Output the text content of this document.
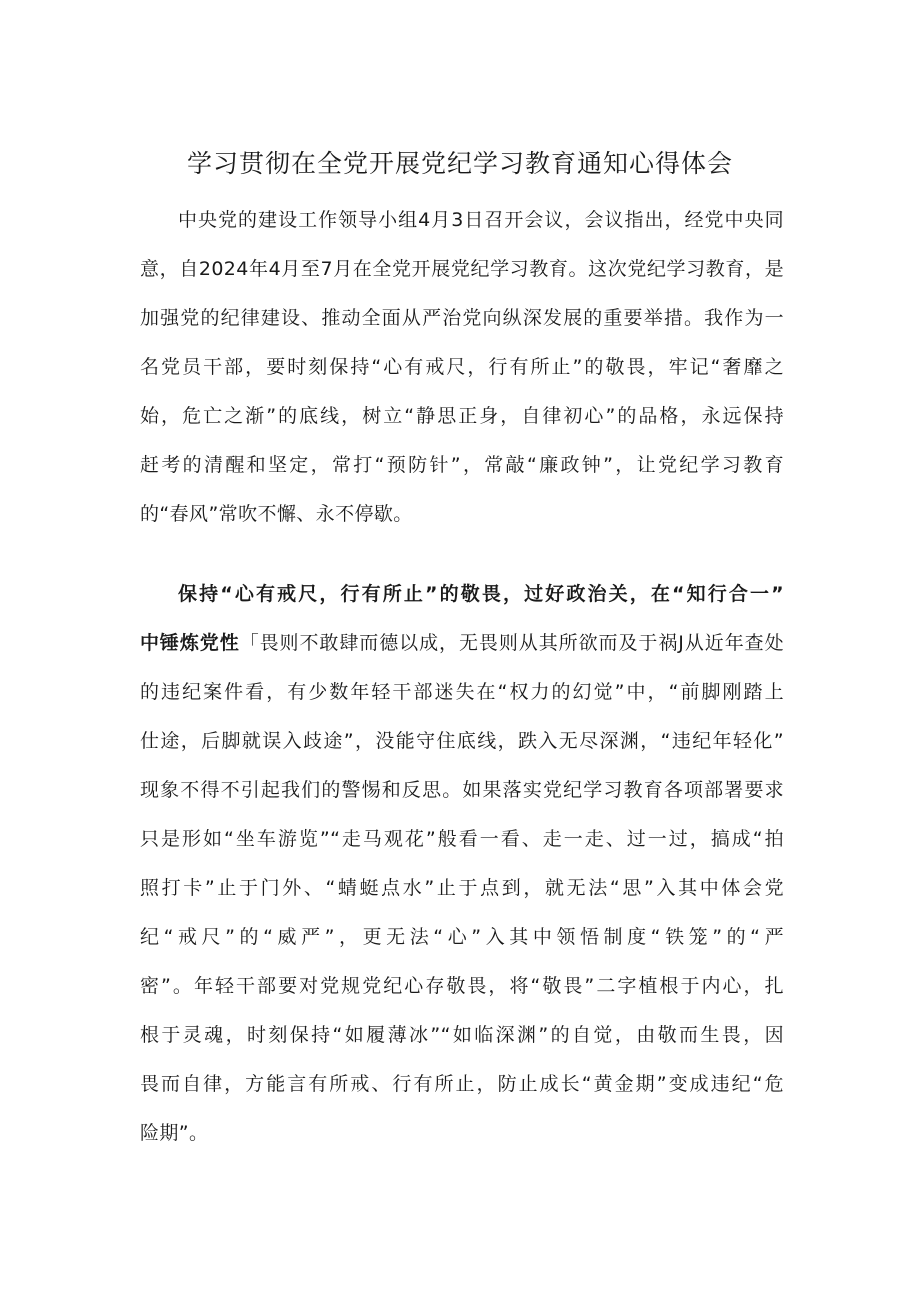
学习贯彻在全党开展党纪学习教育通知心得体会
中央党的建设工作领导小组4月3日召开会议，会议指出，经党中央同
意，自2024年4月至7月在全党开展党纪学习教育。这次党纪学习教育，是
加强党的纪律建设、推动全面从严治党向纵深发展的重要举措。我作为一
名党员干部，要时刻保持“心有戒尺，行有所止”的敬畏，牢记“奢靡之
始，危亡之渐”的底线，树立“静思正身，自律初心”的品格，永远保持
赶考的清醒和坚定，常打“预防针”，常敲“廉政钟”，让党纪学习教育
的“春风”常吹不懈、永不停歇。
保持“心有戒尺，行有所止”的敬畏，过好政治关，在“知行合一”
中锤炼党性「畏则不敢肆而德以成，无畏则从其所欲而及于祸J从近年查处
的违纪案件看，有少数年轻干部迷失在“权力的幻觉”中，“前脚刚踏上
仕途，后脚就误入歧途”，没能守住底线，跌入无尽深渊，“违纪年轻化”
现象不得不引起我们的警惕和反思。如果落实党纪学习教育各项部署要求
只是形如“坐车游览”“走马观花”般看一看、走一走、过一过，搞成“拍
照打卡”止于门外、“蜻蜓点水”止于点到，就无法“思”入其中体会党
纪“戒尺”的“威严”，更无法“心”入其中领悟制度“铁笼”的“严
密”。年轻干部要对党规党纪心存敬畏，将“敬畏”二字植根于内心，扎
根于灵魂，时刻保持“如履薄冰”“如临深渊”的自觉，由敬而生畏，因
畏而自律，方能言有所戒、行有所止，防止成长“黄金期”变成违纪“危
险期”。
